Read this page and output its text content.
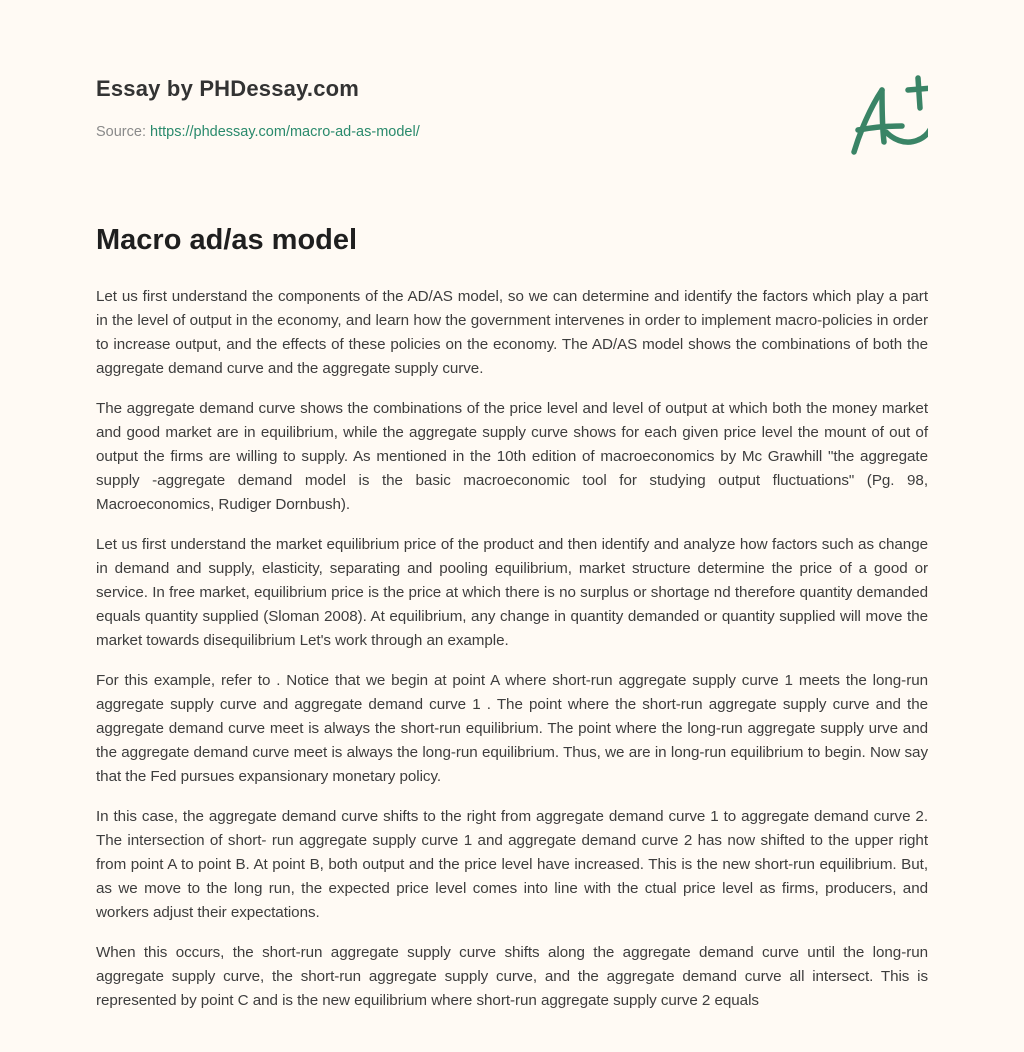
Essay by PHDessay.com
Source: https://phdessay.com/macro-ad-as-model/
Macro ad/as model

Let us first understand the components of the AD/AS model, so we can determine and identify the factors which play a part in the level of output in the economy, and learn how the government intervenes in order to implement macro-policies in order to increase output, and the effects of these policies on the economy. The AD/AS model shows the combinations of both the aggregate demand curve and the aggregate supply curve.

The aggregate demand curve shows the combinations of the price level and level of output at which both the money market and good market are in equilibrium, while the aggregate supply curve shows for each given price level the mount of out of output the firms are willing to supply. As mentioned in the 10th edition of macroeconomics by Mc Grawhill "the aggregate supply -aggregate demand model is the basic macroeconomic tool for studying output fluctuations" (Pg. 98, Macroeconomics, Rudiger Dornbush).

Let us first understand the market equilibrium price of the product and then identify and analyze how factors such as change in demand and supply, elasticity, separating and pooling equilibrium, market structure determine the price of a good or service. In free market, equilibrium price is the price at which there is no surplus or shortage nd therefore quantity demanded equals quantity supplied (Sloman 2008). At equilibrium, any change in quantity demanded or quantity supplied will move the market towards disequilibrium Let's work through an example.

For this example, refer to . Notice that we begin at point A where short-run aggregate supply curve 1 meets the long-run aggregate supply curve and aggregate demand curve 1 . The point where the short-run aggregate supply curve and the aggregate demand curve meet is always the short-run equilibrium. The point where the long-run aggregate supply urve and the aggregate demand curve meet is always the long-run equilibrium. Thus, we are in long-run equilibrium to begin. Now say that the Fed pursues expansionary monetary policy.

In this case, the aggregate demand curve shifts to the right from aggregate demand curve 1 to aggregate demand curve 2. The intersection of short- run aggregate supply curve 1 and aggregate demand curve 2 has now shifted to the upper right from point A to point B. At point B, both output and the price level have increased. This is the new short-run equilibrium. But, as we move to the long run, the expected price level comes into line with the ctual price level as firms, producers, and workers adjust their expectations.

When this occurs, the short-run aggregate supply curve shifts along the aggregate demand curve until the long-run aggregate supply curve, the short-run aggregate supply curve, and the aggregate demand curve all intersect. This is represented by point C and is the new equilibrium where short-run aggregate supply curve 2 equals
